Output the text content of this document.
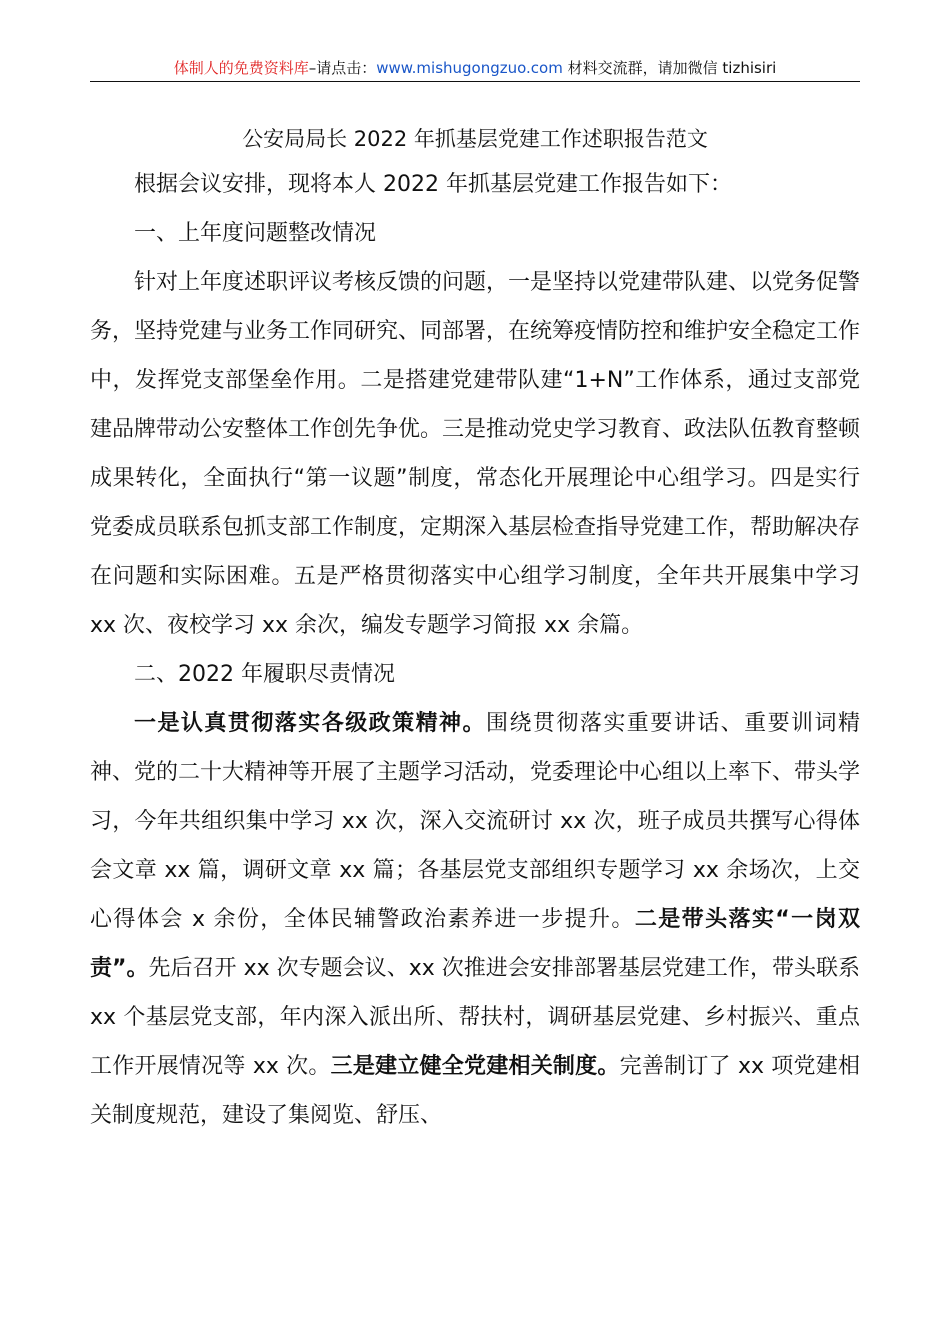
体制人的免费资料库–请点击：www.mishugongzuo.com 材料交流群，请加微信 tizhisiri
公安局局长 2022 年抓基层党建工作述职报告范文

根据会议安排，现将本人 2022 年抓基层党建工作报告如下：

一、上年度问题整改情况

针对上年度述职评议考核反馈的问题，一是坚持以党建带队建、以党务促警务，坚持党建与业务工作同研究、同部署，在统筹疫情防控和维护安全稳定工作中，发挥党支部堡垒作用。二是搭建党建带队建“1+N”工作体系，通过支部党建品牌带动公安整体工作创先争优。三是推动党史学习教育、政法队伍教育整顿成果转化，全面执行“第一议题”制度，常态化开展理论中心组学习。四是实行党委成员联系包抓支部工作制度，定期深入基层检查指导党建工作，帮助解决存在问题和实际困难。五是严格贯彻落实中心组学习制度，全年共开展集中学习 xx 次、夜校学习 xx 余次，编发专题学习简报 xx 余篇。

二、2022 年履职尽责情况

一是认真贯彻落实各级政策精神。围绕贯彻落实重要讲话、重要训词精神、党的二十大精神等开展了主题学习活动，党委理论中心组以上率下、带头学习，今年共组织集中学习 xx 次，深入交流研讨 xx 次，班子成员共撰写心得体会文章 xx 篇，调研文章 xx 篇；各基层党支部组织专题学习 xx 余场次，上交心得体会 x 余份，全体民辅警政治素养进一步提升。二是带头落实“一岗双责”。先后召开 xx 次专题会议、xx 次推进会安排部署基层党建工作，带头联系 xx 个基层党支部，年内深入派出所、帮扶村，调研基层党建、乡村振兴、重点工作开展情况等 xx 次。三是建立健全党建相关制度。完善制订了 xx 项党建相关制度规范，建设了集阅览、舒压、
